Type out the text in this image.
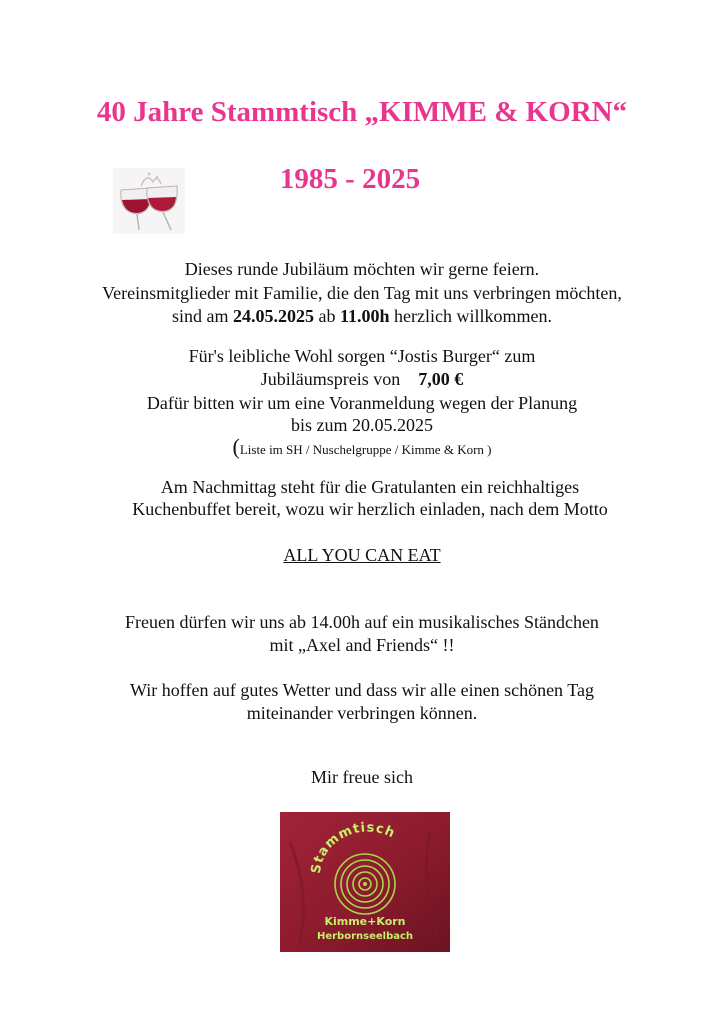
40 Jahre Stammtisch „KIMME & KORN“
1985 - 2025
Dieses runde Jubiläum möchten wir gerne feiern.
Vereinsmitglieder mit Familie, die den Tag mit uns verbringen möchten,
sind am 24.05.2025 ab 11.00h herzlich willkommen.
Für's leibliche Wohl sorgen “Jostis Burger“ zum
Jubiläumspreis von 7,00 €
Dafür bitten wir um eine Voranmeldung wegen der Planung
bis zum 20.05.2025
(Liste im SH / Nuschelgruppe / Kimme & Korn )
Am Nachmittag steht für die Gratulanten ein reichhaltiges
Kuchenbuffet bereit, wozu wir herzlich einladen, nach dem Motto
ALL YOU CAN EAT
Freuen dürfen wir uns ab 14.00h auf ein musikalisches Ständchen
mit „Axel and Friends“ !!
Wir hoffen auf gutes Wetter und dass wir alle einen schönen Tag
miteinander verbringen können.
Mir freue sich
Stammtisch
Kimme+Korn
Herbornseelbach
